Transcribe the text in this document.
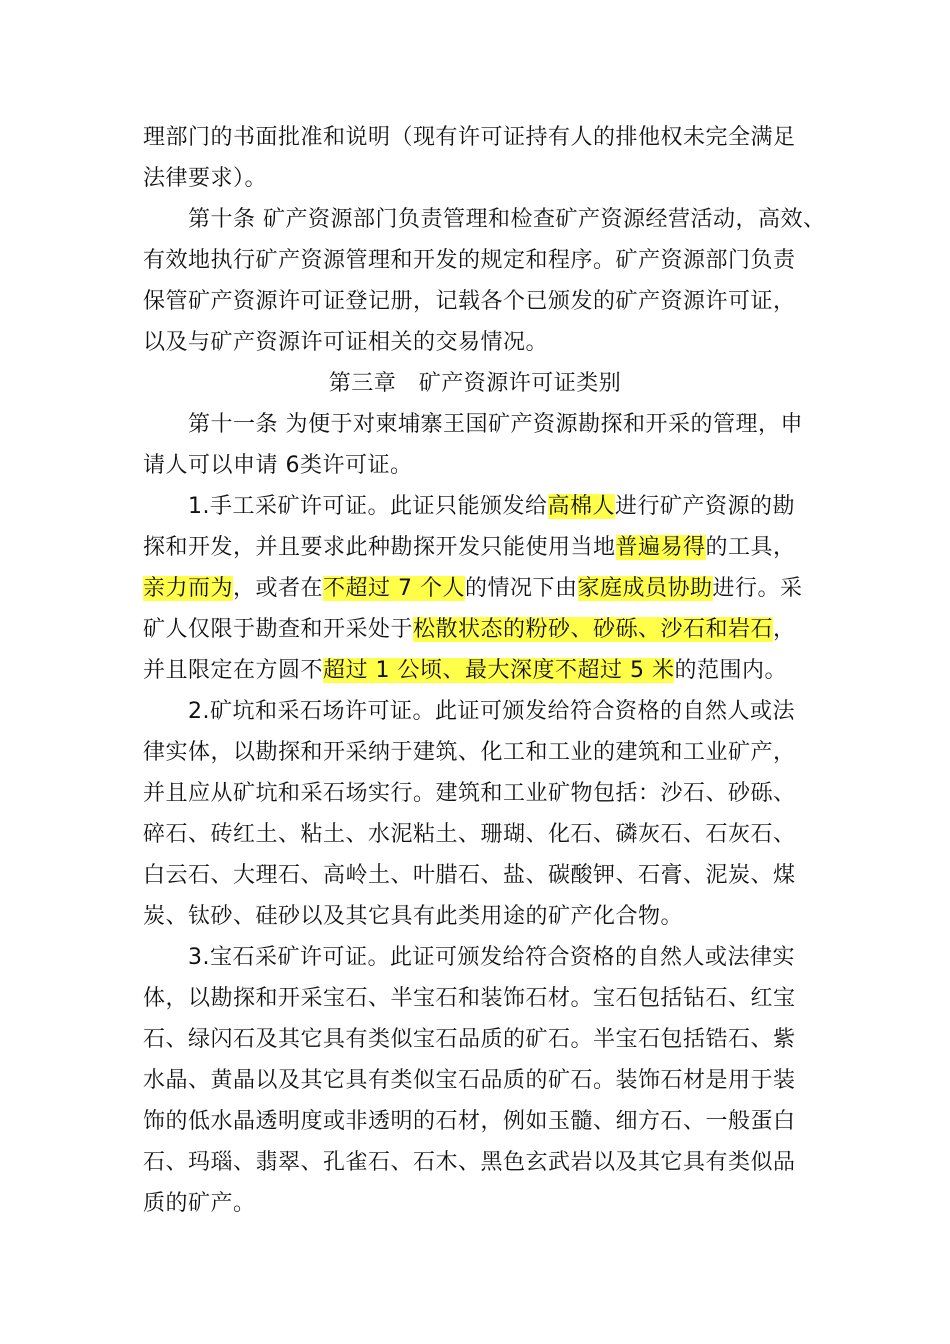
理部门的书面批准和说明（现有许可证持有人的排他权未完全满足
法律要求）。
第十条 矿产资源部门负责管理和检查矿产资源经营活动，高效、
有效地执行矿产资源管理和开发的规定和程序。矿产资源部门负责
保管矿产资源许可证登记册，记载各个已颁发的矿产资源许可证，
以及与矿产资源许可证相关的交易情况。
第三章　矿产资源许可证类别
第十一条 为便于对柬埔寨王国矿产资源勘探和开采的管理，申
请人可以申请 6类许可证。
1.手工采矿许可证。此证只能颁发给高棉人进行矿产资源的勘
探和开发，并且要求此种勘探开发只能使用当地普遍易得的工具，
亲力而为，或者在不超过 7 个人的情况下由家庭成员协助进行。采
矿人仅限于勘查和开采处于松散状态的粉砂、砂砾、沙石和岩石，
并且限定在方圆不超过 1 公顷、最大深度不超过 5 米的范围内。
2.矿坑和采石场许可证。此证可颁发给符合资格的自然人或法
律实体，以勘探和开采纳于建筑、化工和工业的建筑和工业矿产，
并且应从矿坑和采石场实行。建筑和工业矿物包括：沙石、砂砾、
碎石、砖红土、粘土、水泥粘土、珊瑚、化石、磷灰石、石灰石、
白云石、大理石、高岭土、叶腊石、盐、碳酸钾、石膏、泥炭、煤
炭、钛砂、硅砂以及其它具有此类用途的矿产化合物。
3.宝石采矿许可证。此证可颁发给符合资格的自然人或法律实
体，以勘探和开采宝石、半宝石和装饰石材。宝石包括钻石、红宝
石、绿闪石及其它具有类似宝石品质的矿石。半宝石包括锆石、紫
水晶、黄晶以及其它具有类似宝石品质的矿石。装饰石材是用于装
饰的低水晶透明度或非透明的石材，例如玉髓、细方石、一般蛋白
石、玛瑙、翡翠、孔雀石、石木、黑色玄武岩以及其它具有类似品
质的矿产。
